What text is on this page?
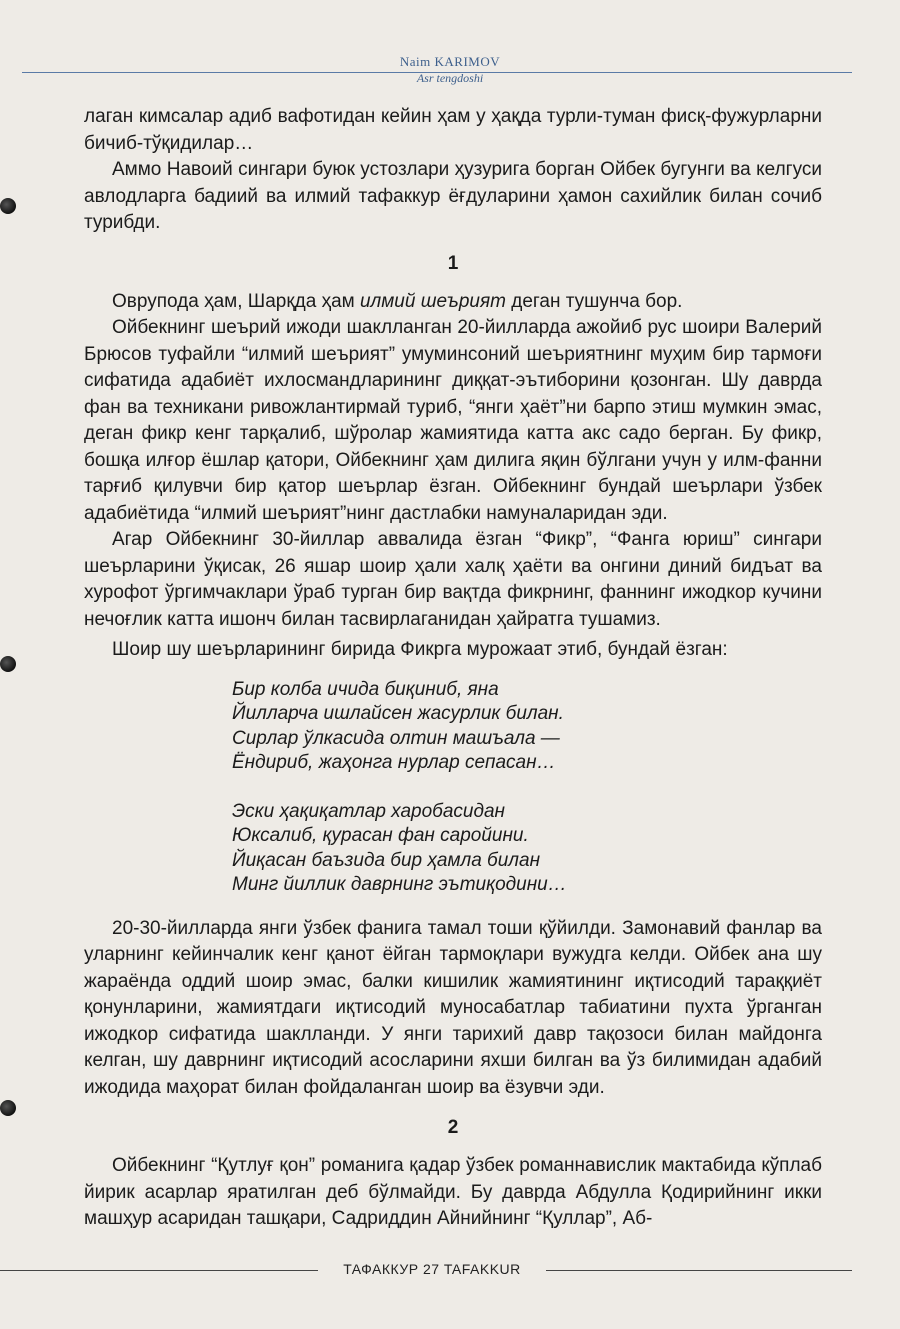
Naim KARIMOV
Asr tengdoshi

лаган кимсалар адиб вафотидан кейин ҳам у ҳақда турли-туман фисқ-фужурларни бичиб-тўқидилар…

Аммо Навоий сингари буюк устозлари ҳузурига борган Ойбек бугунги ва келгуси авлодларга бадиий ва илмий тафаккур ёғдуларини ҳамон сахийлик билан сочиб турибди.

1

Оврупода ҳам, Шарқда ҳам илмий шеърият деган тушунча бор.

Ойбекнинг шеърий ижоди шаклланган 20-йилларда ажойиб рус шоири Валерий Брюсов туфайли “илмий шеърият” умуминсоний шеъриятнинг муҳим бир тармоғи сифатида адабиёт ихлосмандларининг диққат-эътиборини қозонган. Шу даврда фан ва техникани ривожлантирмай туриб, “янги ҳаёт”ни барпо этиш мумкин эмас, деган фикр кенг тарқалиб, шўролар жамиятида катта акс садо берган. Бу фикр, бошқа илғор ёшлар қатори, Ойбекнинг ҳам дилига яқин бўлгани учун у илм-фанни тарғиб қилувчи бир қатор шеърлар ёзган. Ойбекнинг бундай шеърлари ўзбек адабиётида “илмий шеърият”нинг дастлабки намуналаридан эди.

Агар Ойбекнинг 30-йиллар аввалида ёзган “Фикр”, “Фанга юриш” сингари шеърларини ўқисак, 26 яшар шоир ҳали халқ ҳаёти ва онгини диний бидъат ва хурофот ўргимчаклари ўраб турган бир вақтда фикрнинг, фаннинг ижодкор кучини нечоғлик катта ишонч билан тасвирлаганидан ҳайратга тушамиз.

Шоир шу шеърларининг бирида Фикрга мурожаат этиб, бундай ёзган:

Бир колба ичида биқиниб, яна
Йилларча ишлайсен жасурлик билан.
Сирлар ўлкасида олтин машъала —
Ёндириб, жаҳонга нурлар сепасан…
Эски ҳақиқатлар харобасидан
Юксалиб, қурасан фан саройини.
Йиқасан баъзида бир ҳамла билан
Минг йиллик даврнинг эътиқодини…

20-30-йилларда янги ўзбек фанига тамал тоши қўйилди. Замонавий фанлар ва уларнинг кейинчалик кенг қанот ёйган тармоқлари вужудга келди. Ойбек ана шу жараёнда оддий шоир эмас, балки кишилик жамиятининг иқтисодий тараққиёт қонунларини, жамиятдаги иқтисодий муносабатлар табиатини пухта ўрганган ижодкор сифатида шаклланди. У янги тарихий давр тақозоси билан майдонга келган, шу даврнинг иқтисодий асосларини яхши билган ва ўз билимидан адабий ижодида маҳорат билан фойдаланган шоир ва ёзувчи эди.

2

Ойбекнинг “Қутлуғ қон” романига қадар ўзбек романнавислик мактабида кўплаб йирик асарлар яратилган деб бўлмайди. Бу даврда Абдулла Қодирийнинг икки машҳур асаридан ташқари, Садриддин Айнийнинг “Қуллар”, Аб-

ТАФАККУР 27 TAFAKKUR
